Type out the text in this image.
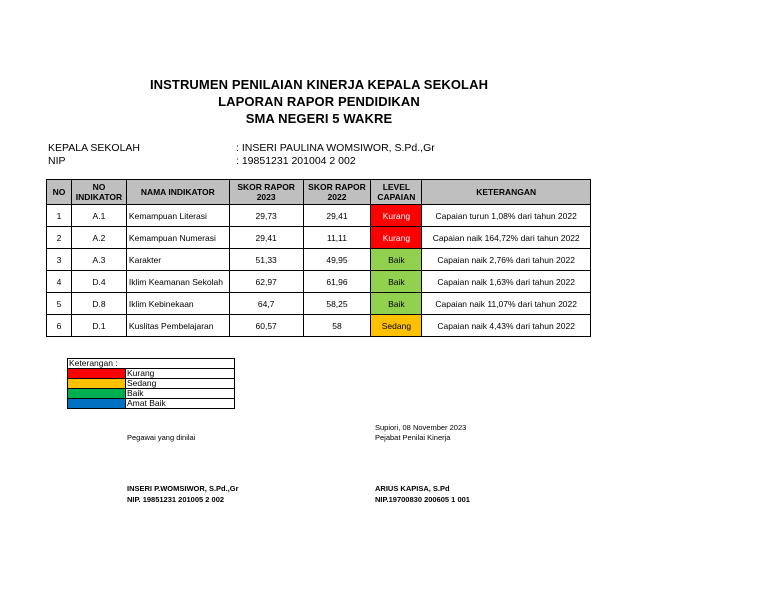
INSTRUMEN PENILAIAN KINERJA KEPALA SEKOLAH
LAPORAN RAPOR PENDIDIKAN
SMA NEGERI 5 WAKRE
KEPALA SEKOLAH	: INSERI PAULINA WOMSIWOR, S.Pd.,Gr
NIP	: 19851231 201004 2 002
NO	NO INDIKATOR	NAMA INDIKATOR	SKOR RAPOR 2023	SKOR RAPOR 2022	LEVEL CAPAIAN	KETERANGAN
1	A.1	Kemampuan Literasi	29,73	29,41	Kurang	Capaian turun 1,08% dari tahun 2022
2	A.2	Kemampuan Numerasi	29,41	11,11	Kurang	Capaian naik 164,72% dari tahun 2022
3	A.3	Karakter	51,33	49,95	Baik	Capaian naik 2,76% dari tahun 2022
4	D.4	Iklim Keamanan Sekolah	62,97	61,96	Baik	Capaian naik 1,63% dari tahun 2022
5	D.8	Iklim Kebinekaan	64,7	58,25	Baik	Capaian naik 11,07% dari tahun 2022
6	D.1	Kuslitas Pembelajaran	60,57	58	Sedang	Capaian naik 4,43% dari tahun 2022
Keterangan :	
	Kurang
	Sedang
	Baik
	Amat Baik
Supiori, 08 November 2023
Pejabat Penilai Kinerja
Pegawai yang dinilai
INSERI P.WOMSIWOR, S.Pd.,Gr
NIP. 19851231 201005 2 002
ARIUS KAPISA, S.Pd
NIP.19700830 200605 1 001
